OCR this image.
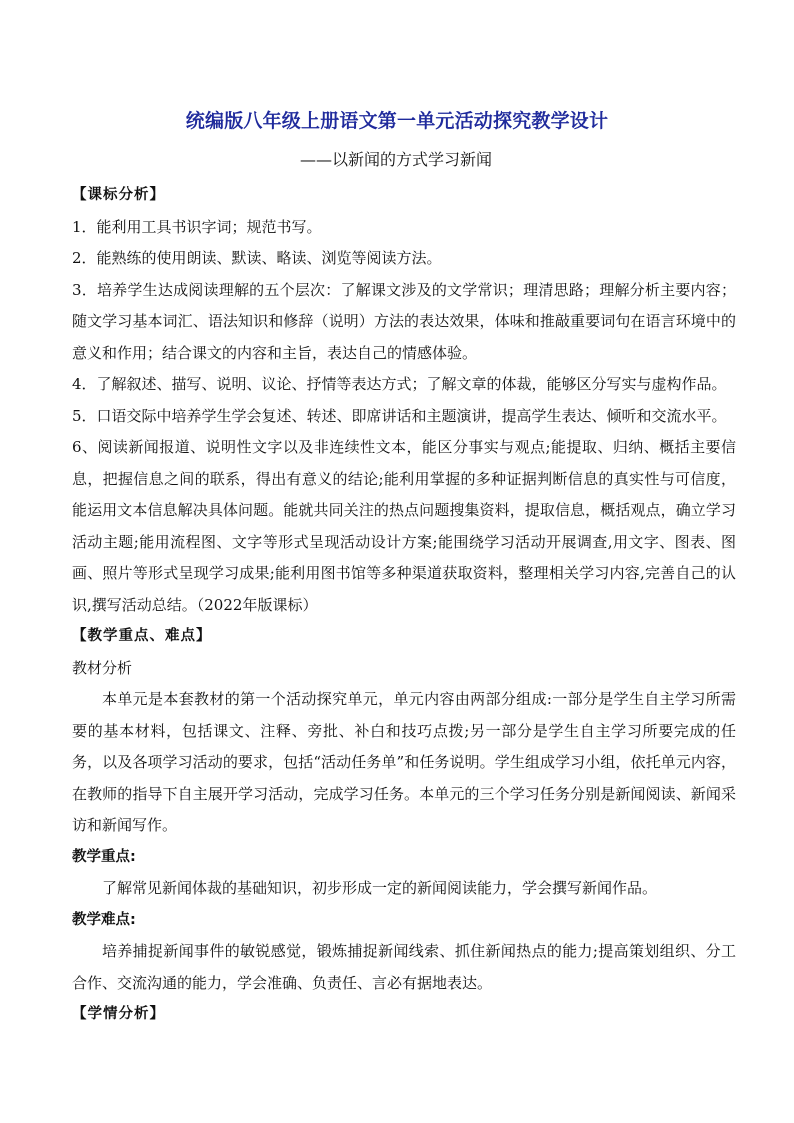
统编版八年级上册语文第一单元活动探究教学设计
——以新闻的方式学习新闻

【课标分析】

1．能利用工具书识字词；规范书写。

2．能熟练的使用朗读、默读、略读、浏览等阅读方法。

3．培养学生达成阅读理解的五个层次：了解课文涉及的文学常识；理清思路；理解分析主要内容；随文学习基本词汇、语法知识和修辞（说明）方法的表达效果，体味和推敲重要词句在语言环境中的意义和作用；结合课文的内容和主旨，表达自己的情感体验。

4．了解叙述、描写、说明、议论、抒情等表达方式；了解文章的体裁，能够区分写实与虚构作品。

5．口语交际中培养学生学会复述、转述、即席讲话和主题演讲，提高学生表达、倾听和交流水平。

6、阅读新闻报道、说明性文字以及非连续性文本，能区分事实与观点;能提取、归纳、概括主要信息，把握信息之间的联系，得出有意义的结论;能利用掌握的多种证据判断信息的真实性与可信度，能运用文本信息解决具体问题。能就共同关注的热点问题搜集资料，提取信息，概括观点，确立学习活动主题;能用流程图、文字等形式呈现活动设计方案;能围绕学习活动开展调查,用文字、图表、图画、照片等形式呈现学习成果;能利用图书馆等多种渠道获取资料，整理相关学习内容,完善自己的认识,撰写活动总结。（2022年版课标）

【教学重点、难点】

教材分析

本单元是本套教材的第一个活动探究单元，单元内容由两部分组成:一部分是学生自主学习所需要的基本材料，包括课文、注释、旁批、补白和技巧点拨;另一部分是学生自主学习所要完成的任务，以及各项学习活动的要求，包括“活动任务单”和任务说明。学生组成学习小组，依托单元内容，在教师的指导下自主展开学习活动，完成学习任务。本单元的三个学习任务分别是新闻阅读、新闻采访和新闻写作。

教学重点:

了解常见新闻体裁的基础知识，初步形成一定的新闻阅读能力，学会撰写新闻作品。

教学难点:

培养捕捉新闻事件的敏锐感觉，锻炼捕捉新闻线索、抓住新闻热点的能力;提高策划组织、分工合作、交流沟通的能力，学会准确、负责任、言必有据地表达。

【学情分析】
